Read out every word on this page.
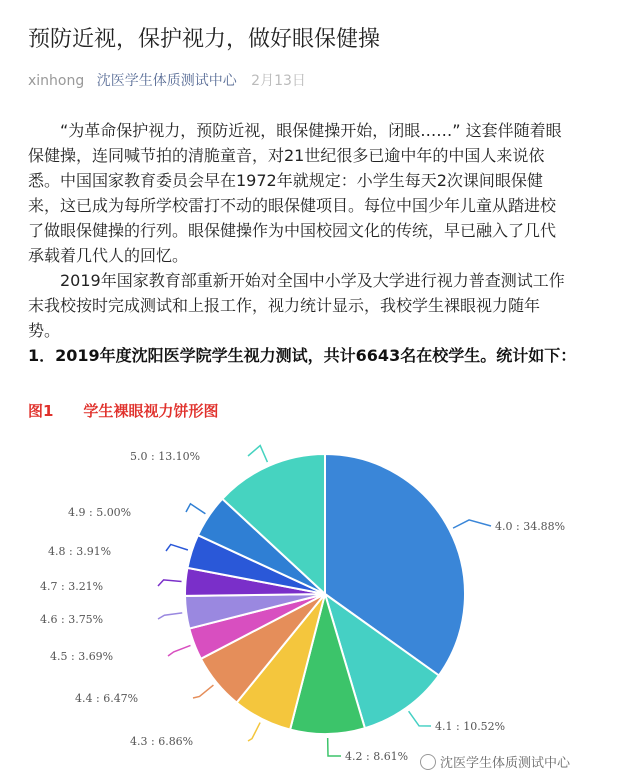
预防近视，保护视力，做好眼保健操
xinhong 沈医学生体质测试中心 2月13日

　　“为革命保护视力，预防近视，眼保健操开始，闭眼……” 这套伴随着眼

保健操，连同喊节拍的清脆童音，对21世纪很多已逾中年的中国人来说依

悉。中国国家教育委员会早在1972年就规定：小学生每天2次课间眼保健

来，这已成为每所学校雷打不动的眼保健项目。每位中国少年儿童从踏进校

了做眼保健操的行列。眼保健操作为中国校园文化的传统，早已融入了几代

承载着几代人的回忆。

　　2019年国家教育部重新开始对全国中小学及大学进行视力普查测试工作

末我校按时完成测试和上报工作，视力统计显示，我校学生裸眼视力随年

势。

1．2019年度沈阳医学院学生视力测试，共计6643名在校学生。统计如下：

图1　　学生裸眼视力饼形图
4.0 : 34.88%
4.1 : 10.52%
4.2 : 8.61%
4.3 : 6.86%
4.4 : 6.47%
4.5 : 3.69%
4.6 : 3.75%
4.7 : 3.21%
4.8 : 3.91%
4.9 : 5.00%
5.0 : 13.10%
沈医学生体质测试中心
